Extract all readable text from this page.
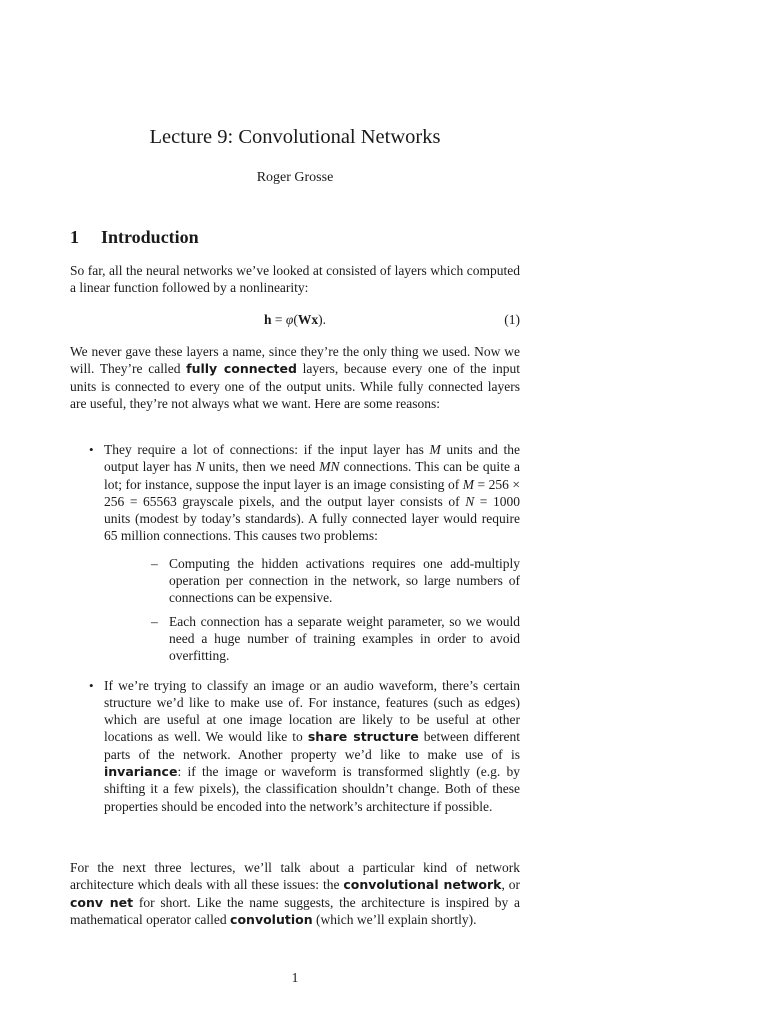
Lecture 9: Convolutional Networks
Roger Grosse
1 Introduction
So far, all the neural networks we’ve looked at consisted of layers which computed a linear function followed by a nonlinearity:
h = φ(Wx).	(1)
We never gave these layers a name, since they’re the only thing we used. Now we will. They’re called fully connected layers, because every one of the input units is connected to every one of the output units. While fully connected layers are useful, they’re not always what we want. Here are some reasons:
• They require a lot of connections: if the input layer has M units and the output layer has N units, then we need MN connections. This can be quite a lot; for instance, suppose the input layer is an image consisting of M = 256 × 256 = 65563 grayscale pixels, and the output layer consists of N = 1000 units (modest by today’s standards). A fully connected layer would require 65 million connections. This causes two problems:
– Computing the hidden activations requires one add-multiply operation per connection in the network, so large numbers of connections can be expensive.
– Each connection has a separate weight parameter, so we would need a huge number of training examples in order to avoid overfitting.
• If we’re trying to classify an image or an audio waveform, there’s certain structure we’d like to make use of. For instance, features (such as edges) which are useful at one image location are likely to be useful at other locations as well. We would like to share structure between different parts of the network. Another property we’d like to make use of is invariance: if the image or waveform is transformed slightly (e.g. by shifting it a few pixels), the classification shouldn’t change. Both of these properties should be encoded into the network’s architecture if possible.
For the next three lectures, we’ll talk about a particular kind of network architecture which deals with all these issues: the convolutional network, or conv net for short. Like the name suggests, the architecture is inspired by a mathematical operator called convolution (which we’ll explain shortly).
1
